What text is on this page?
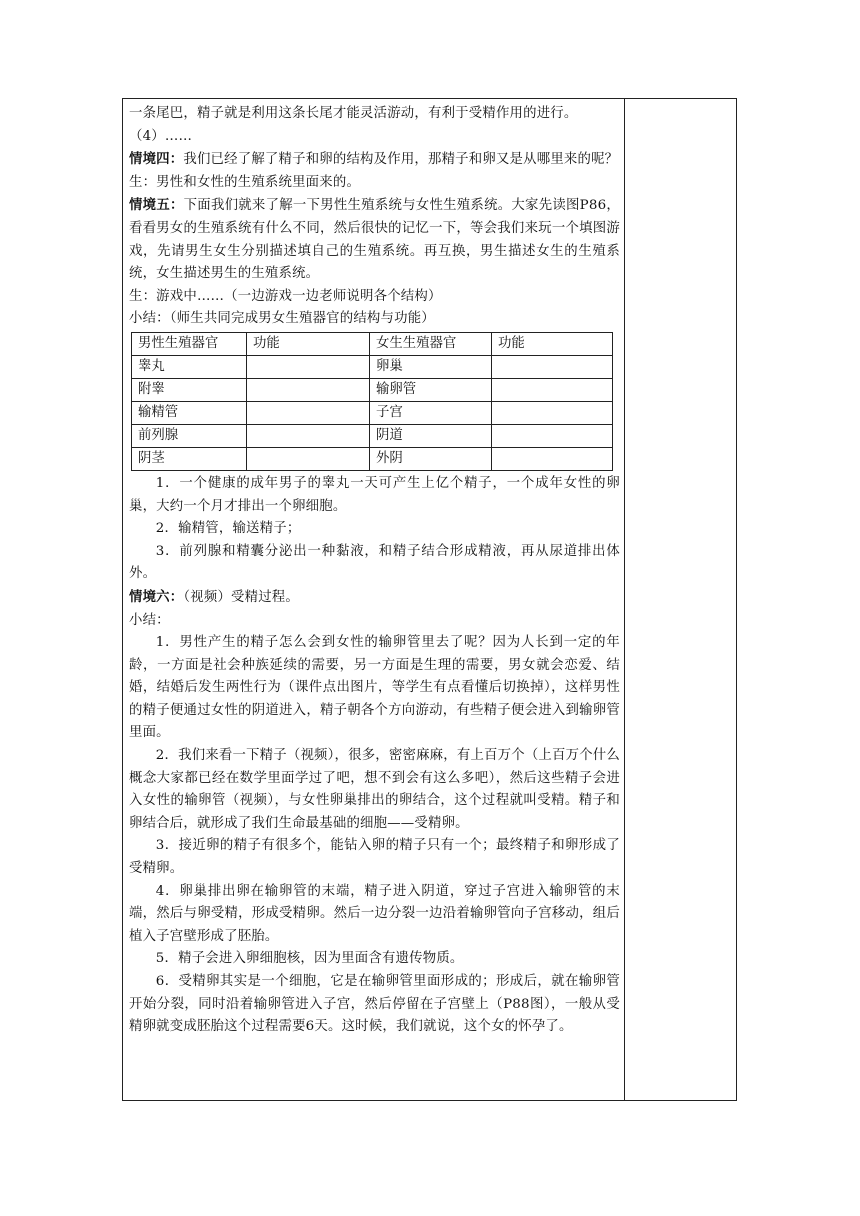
一条尾巴，精子就是利用这条长尾才能灵活游动，有利于受精作用的进行。

（4）……

情境四：我们已经了解了精子和卵的结构及作用，那精子和卵又是从哪里来的呢？

生：男性和女性的生殖系统里面来的。

情境五：下面我们就来了解一下男性生殖系统与女性生殖系统。大家先读图P86，看看男女的生殖系统有什么不同，然后很快的记忆一下，等会我们来玩一个填图游戏，先请男生女生分别描述填自己的生殖系统。再互换，男生描述女生的生殖系统，女生描述男生的生殖系统。

生：游戏中……（一边游戏一边老师说明各个结构）

小结：（师生共同完成男女生殖器官的结构与功能）

男性生殖器官	功能	女生生殖器官	功能
睾丸		卵巢	
附睾		输卵管	
输精管		子宫	
前列腺		阴道	
阴茎		外阴	

1．一个健康的成年男子的睾丸一天可产生上亿个精子，一个成年女性的卵巢，大约一个月才排出一个卵细胞。

2．输精管，输送精子；

3．前列腺和精囊分泌出一种黏液，和精子结合形成精液，再从尿道排出体外。

情境六：（视频）受精过程。

小结：

1．男性产生的精子怎么会到女性的输卵管里去了呢？因为人长到一定的年龄，一方面是社会种族延续的需要，另一方面是生理的需要，男女就会恋爱、结婚，结婚后发生两性行为（课件点出图片，等学生有点看懂后切换掉），这样男性的精子便通过女性的阴道进入，精子朝各个方向游动，有些精子便会进入到输卵管里面。

2．我们来看一下精子（视频），很多，密密麻麻，有上百万个（上百万个什么概念大家都已经在数学里面学过了吧，想不到会有这么多吧），然后这些精子会进入女性的输卵管（视频），与女性卵巢排出的卵结合，这个过程就叫受精。精子和卵结合后，就形成了我们生命最基础的细胞——受精卵。

3．接近卵的精子有很多个，能钻入卵的精子只有一个；最终精子和卵形成了受精卵。

4．卵巢排出卵在输卵管的末端，精子进入阴道，穿过子宫进入输卵管的末端，然后与卵受精，形成受精卵。然后一边分裂一边沿着输卵管向子宫移动，组后植入子宫壁形成了胚胎。

5．精子会进入卵细胞核，因为里面含有遗传物质。

6．受精卵其实是一个细胞，它是在输卵管里面形成的；形成后，就在输卵管开始分裂，同时沿着输卵管进入子宫，然后停留在子宫壁上（P88图），一般从受精卵就变成胚胎这个过程需要6天。这时候，我们就说，这个女的怀孕了。
